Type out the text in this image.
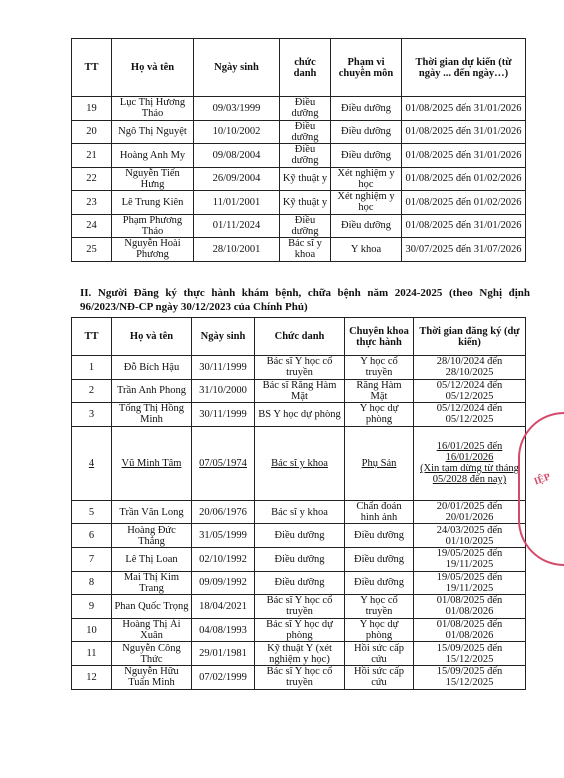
TT	Họ và tên	Ngày sinh	chức danh	Phạm vi chuyên môn	Thời gian dự kiến (từ ngày ... đến ngày…)
19	Lục Thị Hương Thảo	09/03/1999	Điều dưỡng	Điều dưỡng	01/08/2025 đến 31/01/2026
20	Ngô Thị Nguyệt	10/10/2002	Điều dưỡng	Điều dưỡng	01/08/2025 đến 31/01/2026
21	Hoàng Anh My	09/08/2004	Điều dưỡng	Điều dưỡng	01/08/2025 đến 31/01/2026
22	Nguyễn Tiến Hưng	26/09/2004	Kỹ thuật y	Xét nghiệm y học	01/08/2025 đến 01/02/2026
23	Lê Trung Kiên	11/01/2001	Kỹ thuật y	Xét nghiệm y học	01/08/2025 đến 01/02/2026
24	Phạm Phương Thảo	01/11/2024	Điều dưỡng	Điều dưỡng	01/08/2025 đến 31/01/2026
25	Nguyễn Hoài Phương	28/10/2001	Bác sĩ y khoa	Y khoa	30/07/2025 đến 31/07/2026

II. Người Đăng ký thực hành khám bệnh, chữa bệnh năm 2024-2025 (theo Nghị định 96/2023/NĐ-CP ngày 30/12/2023 của Chính Phủ)

TT	Họ và tên	Ngày sinh	Chức danh	Chuyên khoa thực hành	Thời gian đăng ký (dự kiến)
1	Đỗ Bích Hậu	30/11/1999	Bác sĩ Y học cổ truyền	Y học cổ truyền	28/10/2024 đến 28/10/2025
2	Trần Anh Phong	31/10/2000	Bác sĩ Răng Hàm Mặt	Răng Hàm Mặt	05/12/2024 đến 05/12/2025
3	Tống Thị Hồng Minh	30/11/1999	BS Y học dự phòng	Y học dự phòng	05/12/2024 đến 05/12/2025
4	Vũ Minh Tâm	07/05/1974	Bác sĩ y khoa	Phụ Sản	16/01/2025 đến 16/01/2026
(Xin tạm dừng từ tháng 05/2028 đến nay)

5	Trần Văn Long	20/06/1976	Bác sĩ y khoa	Chẩn đoán hình ảnh	20/01/2025 đến 20/01/2026
6	Hoàng Đức Thắng	31/05/1999	Điều dưỡng	Điều dưỡng	24/03/2025 đến 01/10/2025
7	Lê Thị Loan	02/10/1992	Điều dưỡng	Điều dưỡng	19/05/2025 đến 19/11/2025
8	Mai Thị Kim Trang	09/09/1992	Điều dưỡng	Điều dưỡng	19/05/2025 đến 19/11/2025
9	Phan Quốc Trọng	18/04/2021	Bác sĩ Y học cổ truyền	Y học cổ truyền	01/08/2025 đến 01/08/2026
10	Hoàng Thị Ái Xuân	04/08/1993	Bác sĩ Y học dự phòng	Y học dự phòng	01/08/2025 đến 01/08/2026
11	Nguyễn Công Thức	29/01/1981	Kỹ thuật Y (xét nghiệm y học)	Hồi sức cấp cứu	15/09/2025 đến 15/12/2025
12	Nguyễn Hữu Tuấn Minh	07/02/1999	Bác sĩ Y học cổ truyền	Hồi sức cấp cứu	15/09/2025 đến 15/12/2025
IỆP
